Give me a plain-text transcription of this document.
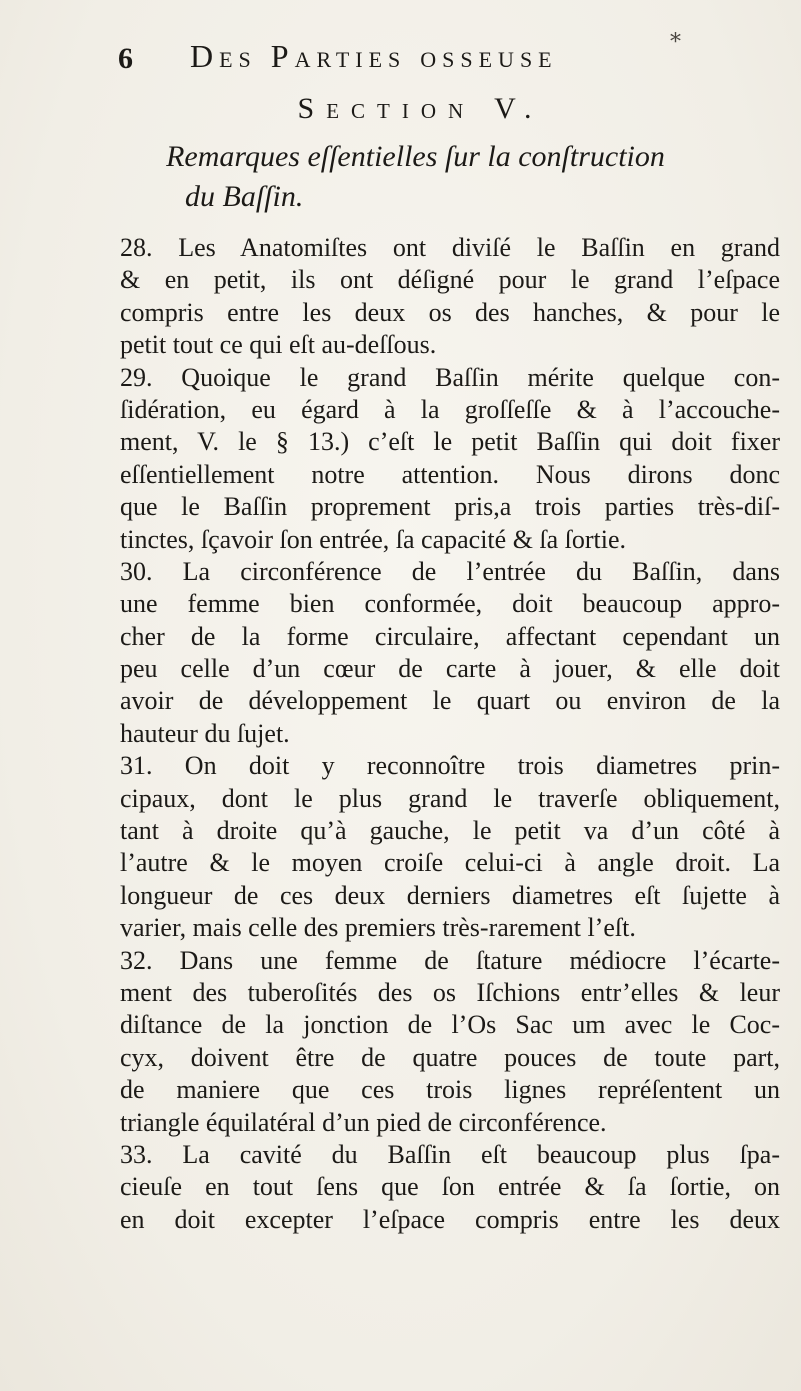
6 Des Parties osseuse	*
Section V.
Remarques eſſentielles ſur la conſtruction
du Baſſin.
28. Les Anatomiſtes ont diviſé le Baſſin en grand
& en petit, ils ont déſigné pour le grand l’eſpace
compris entre les deux os des hanches, & pour le
petit tout ce qui eſt au-deſſous.
29. Quoique le grand Baſſin mérite quelque con-
ſidération, eu égard à la groſſeſſe & à l’accouche-
ment, V. le § 13.) c’eſt le petit Baſſin qui doit fixer
eſſentiellement notre attention. Nous dirons donc
que le Baſſin proprement pris,a trois parties très-diſ-
tinctes, ſçavoir ſon entrée, ſa capacité & ſa ſortie.
30. La circonférence de l’entrée du Baſſin, dans
une femme bien conformée, doit beaucoup appro-
cher de la forme circulaire, affectant cependant un
peu celle d’un cœur de carte à jouer, & elle doit
avoir de développement le quart ou environ de la
hauteur du ſujet.
31. On doit y reconnoître trois diametres prin-
cipaux, dont le plus grand le traverſe obliquement,
tant à droite qu’à gauche, le petit va d’un côté à
l’autre & le moyen croiſe celui-ci à angle droit. La
longueur de ces deux derniers diametres eſt ſujette à
varier, mais celle des premiers très-rarement l’eſt.
32. Dans une femme de ſtature médiocre l’écarte-
ment des tuberoſités des os Iſchions entr’elles & leur
diſtance de la jonction de l’Os Sac um avec le Coc-
cyx, doivent être de quatre pouces de toute part,
de maniere que ces trois lignes repréſentent un
triangle équilatéral d’un pied de circonférence.
33. La cavité du Baſſin eſt beaucoup plus ſpa-
cieuſe en tout ſens que ſon entrée & ſa ſortie, on
en doit excepter l’eſpace compris entre les deux
